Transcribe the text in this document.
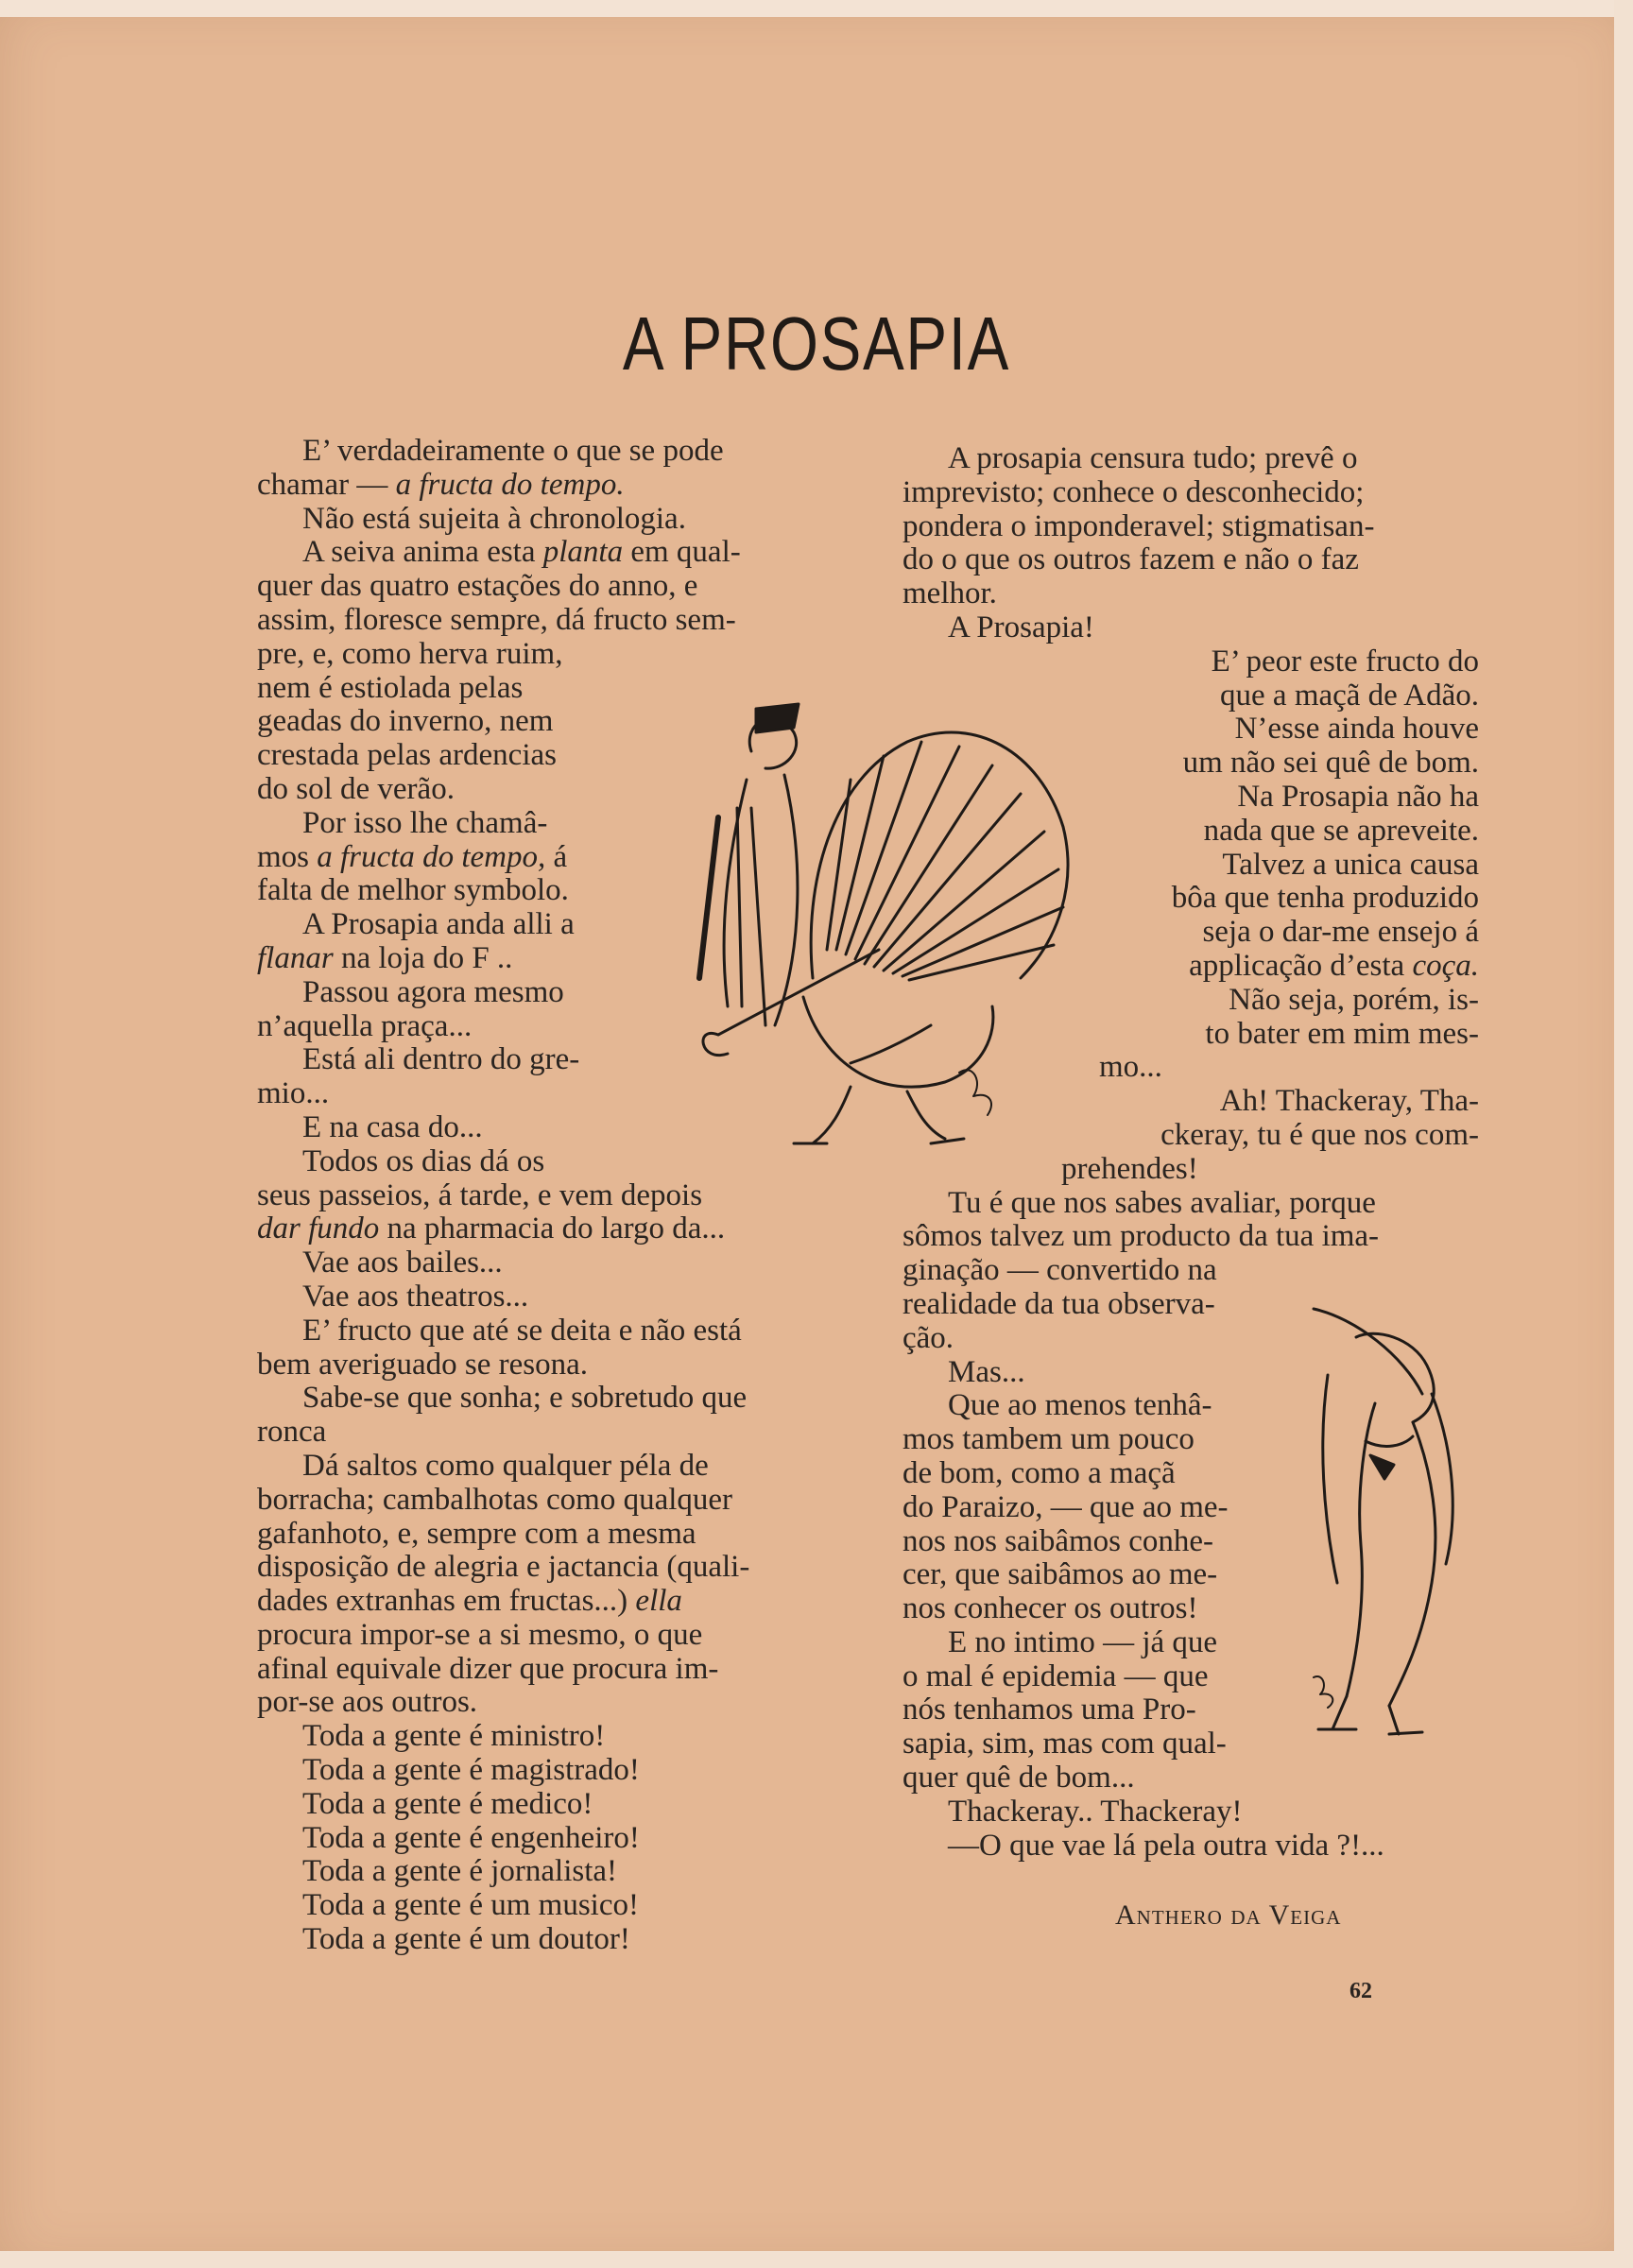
A PROSAPIA

E’ verdadeiramente o que se pode

chamar — a fructa do tempo.

Não está sujeita à chronologia.

A seiva anima esta planta em qual-

quer das quatro estações do anno, e

assim, floresce sempre, dá fructo sem-

pre, e, como herva ruim,

nem é estiolada pelas

geadas do inverno, nem

crestada pelas ardencias

do sol de verão.

Por isso lhe chamâ-

mos a fructa do tempo, á

falta de melhor symbolo.

A Prosapia anda alli a

flanar na loja do F ..

Passou agora mesmo

n’aquella praça...

Está ali dentro do gre-

mio...

E na casa do...

Todos os dias dá os

seus passeios, á tarde, e vem depois

dar fundo na pharmacia do largo da...

Vae aos bailes...

Vae aos theatros...

E’ fructo que até se deita e não está

bem averiguado se resona.

Sabe-se que sonha; e sobretudo que

ronca

Dá saltos como qualquer péla de

borracha; cambalhotas como qualquer

gafanhoto, e, sempre com a mesma

disposição de alegria e jactancia (quali-

dades extranhas em fructas...) ella

procura impor-se a si mesmo, o que

afinal equivale dizer que procura im-

por-se aos outros.

Toda a gente é ministro!

Toda a gente é magistrado!

Toda a gente é medico!

Toda a gente é engenheiro!

Toda a gente é jornalista!

Toda a gente é um musico!

Toda a gente é um doutor!

A prosapia censura tudo; prevê o

imprevisto; conhece o desconhecido;

pondera o imponderavel; stigmatisan-

do o que os outros fazem e não o faz

melhor.

A Prosapia!

E’ peor este fructo do

que a maçã de Adão.

N’esse ainda houve

um não sei quê de bom.

Na Prosapia não ha

nada que se apreveite.

Talvez a unica causa

bôa que tenha produzido

seja o dar-me ensejo á

applicação d’esta coça.

Não seja, porém, is-

to bater em mim mes-

mo...

Ah! Thackeray, Tha-

ckeray, tu é que nos com-

prehendes!

Tu é que nos sabes avaliar, porque

sômos talvez um producto da tua ima-

ginação — convertido na

realidade da tua observa-

ção.

Mas...

Que ao menos tenhâ-

mos tambem um pouco

de bom, como a maçã

do Paraizo, — que ao me-

nos nos saibâmos conhe-

cer, que saibâmos ao me-

nos conhecer os outros!

E no intimo — já que

o mal é epidemia — que

nós tenhamos uma Pro-

sapia, sim, mas com qual-

quer quê de bom...

Thackeray.. Thackeray!

—O que vae lá pela outra vida ?!...

Anthero da Veiga
62
